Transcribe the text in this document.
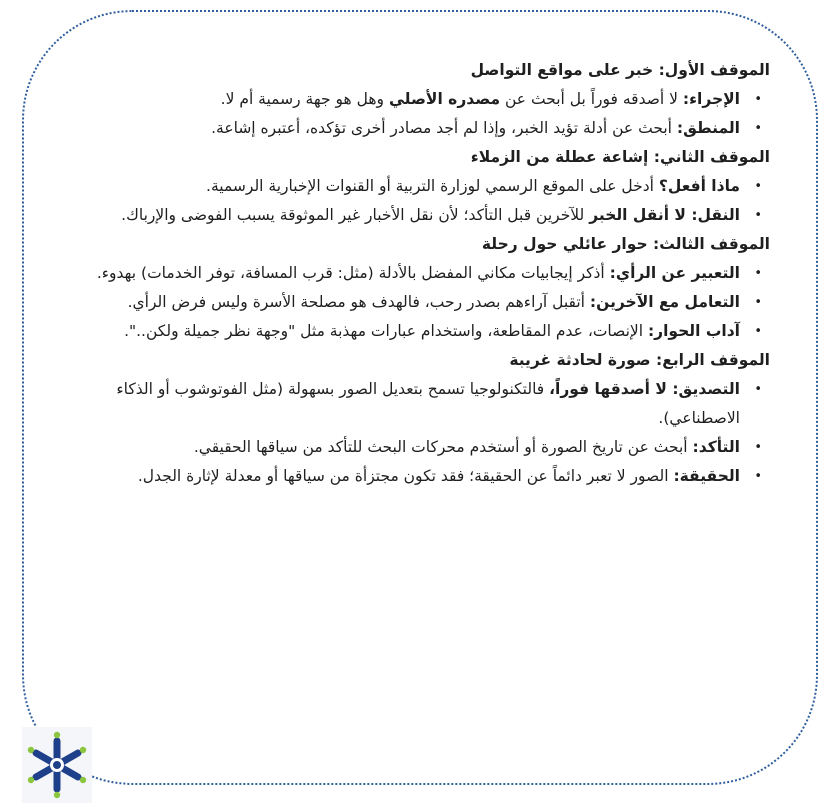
الموقف الأول: خبر على مواقع التواصل
• الإجراء: لا أصدقه فوراً بل أبحث عن مصدره الأصلي وهل هو جهة رسمية أم لا.
• المنطق: أبحث عن أدلة تؤيد الخبر، وإذا لم أجد مصادر أخرى تؤكده، أعتبره إشاعة.
الموقف الثاني: إشاعة عطلة من الزملاء
• ماذا أفعل؟ أدخل على الموقع الرسمي لوزارة التربية أو القنوات الإخبارية الرسمية.
• النقل: لا أنقل الخبر للآخرين قبل التأكد؛ لأن نقل الأخبار غير الموثوقة يسبب الفوضى والإرباك.
الموقف الثالث: حوار عائلي حول رحلة
• التعبير عن الرأي: أذكر إيجابيات مكاني المفضل بالأدلة (مثل: قرب المسافة، توفر الخدمات) بهدوء.
• التعامل مع الآخرين: أتقبل آراءهم بصدر رحب، فالهدف هو مصلحة الأسرة وليس فرض الرأي.
• آداب الحوار: الإنصات، عدم المقاطعة، واستخدام عبارات مهذبة مثل "وجهة نظر جميلة ولكن..".
الموقف الرابع: صورة لحادثة غريبة
• التصديق: لا أصدقها فوراً، فالتكنولوجيا تسمح بتعديل الصور بسهولة (مثل الفوتوشوب أو الذكاء الاصطناعي).
• التأكد: أبحث عن تاريخ الصورة أو أستخدم محركات البحث للتأكد من سياقها الحقيقي.
• الحقيقة: الصور لا تعبر دائماً عن الحقيقة؛ فقد تكون مجتزأة من سياقها أو معدلة لإثارة الجدل.
